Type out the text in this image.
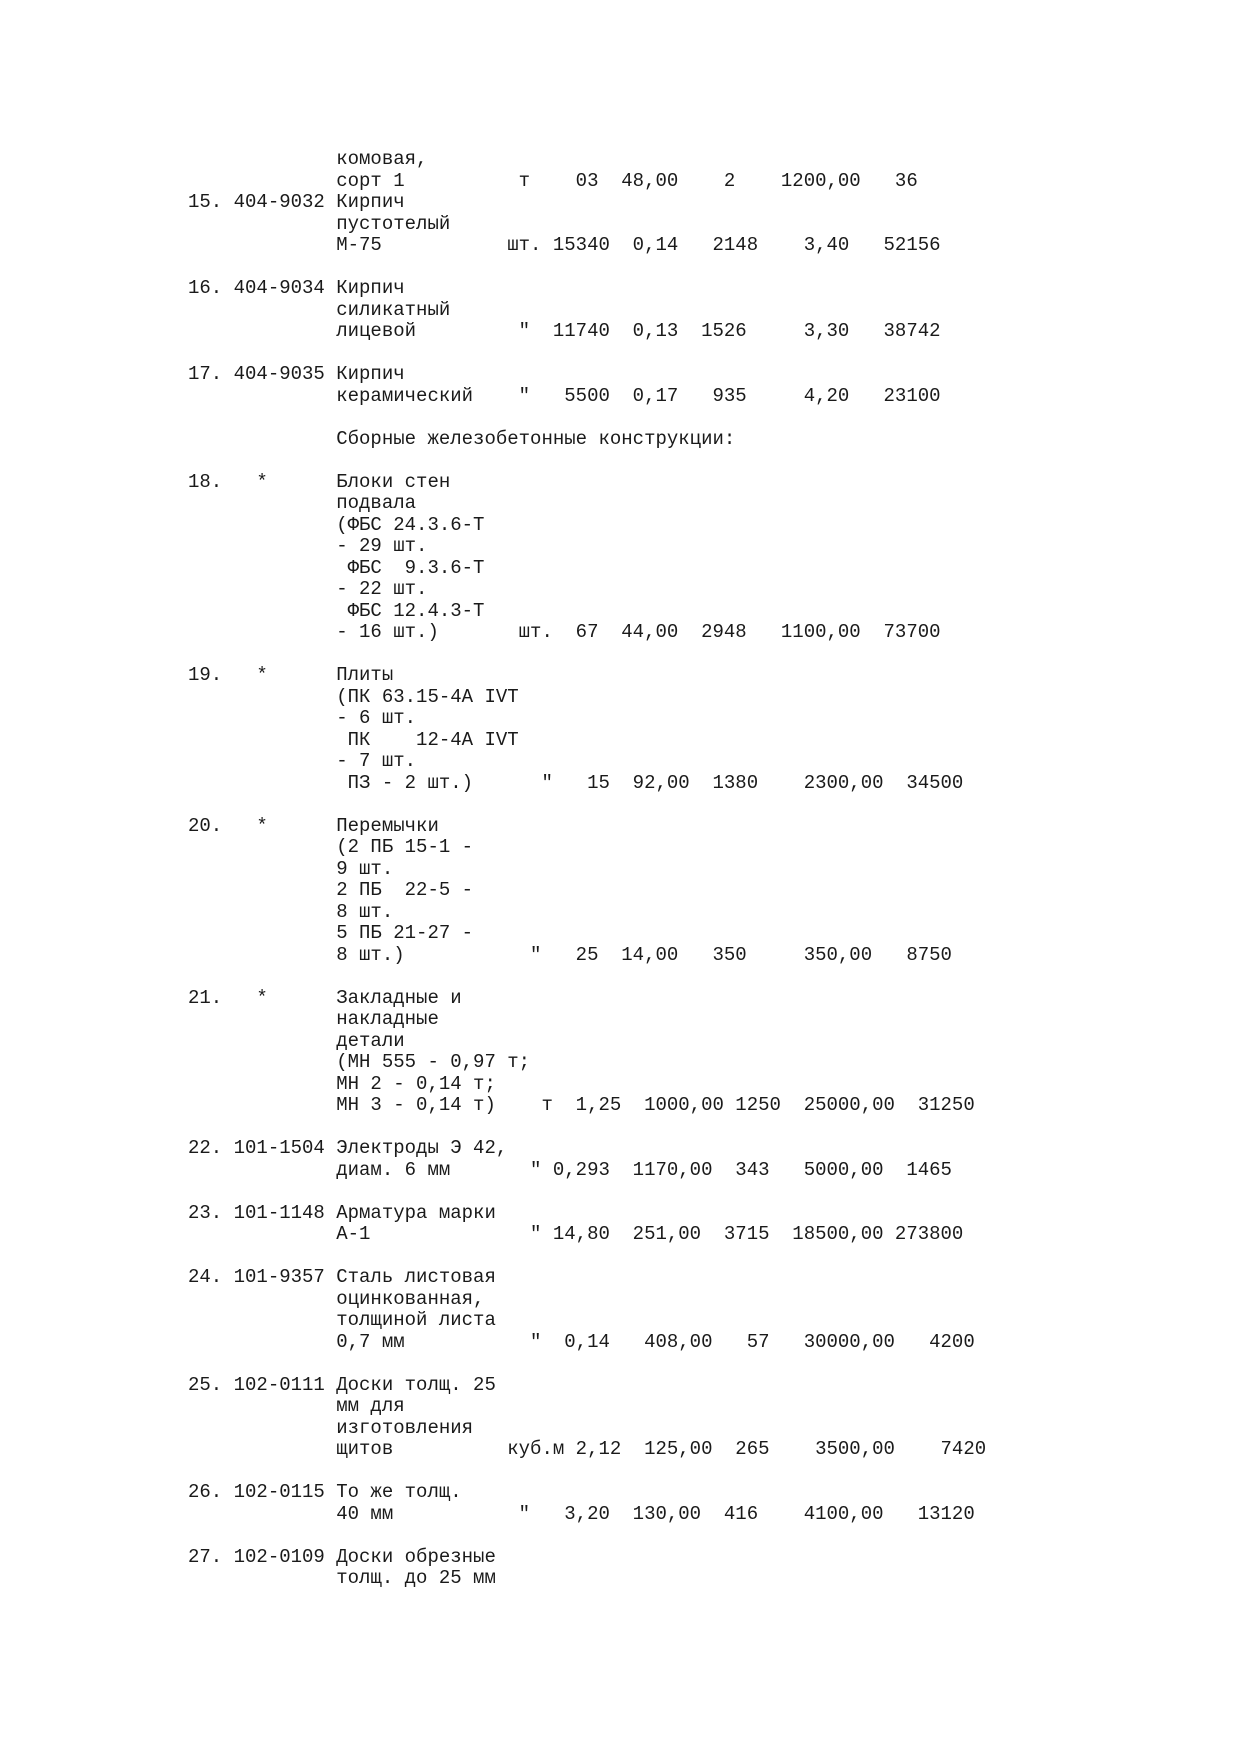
комовая,
сорт 1          т    03  48,00    2    1200,00   36
15. 404-9032 Кирпич
пустотелый
М-75           шт. 15340  0,14   2148    3,40   52156
16. 404-9034 Кирпич
силикатный
лицевой         "  11740  0,13  1526     3,30   38742
17. 404-9035 Кирпич
керамический    "   5500  0,17   935     4,20   23100
Сборные железобетонные конструкции:
18.   *      Блоки стен
подвала
(ФБС 24.3.6-Т
- 29 шт.
ФБС  9.3.6-Т
- 22 шт.
ФБС 12.4.3-Т
- 16 шт.)       шт.  67  44,00  2948   1100,00  73700
19.   *      Плиты
(ПК 63.15-4А IVТ
- 6 шт.
ПК    12-4А IVТ
- 7 шт.
ПЗ - 2 шт.)      "   15  92,00  1380    2300,00  34500
20.   *      Перемычки
(2 ПБ 15-1 -
9 шт.
2 ПБ  22-5 -
8 шт.
5 ПБ 21-27 -
8 шт.)           "   25  14,00   350     350,00   8750
21.   *      Закладные и
накладные
детали
(МН 555 - 0,97 т;
МН 2 - 0,14 т;
МН 3 - 0,14 т)    т  1,25  1000,00 1250  25000,00  31250
22. 101-1504 Электроды Э 42,
диам. 6 мм       " 0,293  1170,00  343   5000,00  1465
23. 101-1148 Арматура марки
А-1              " 14,80  251,00  3715  18500,00 273800
24. 101-9357 Сталь листовая
оцинкованная,
толщиной листа
0,7 мм           "  0,14   408,00   57   30000,00   4200
25. 102-0111 Доски толщ. 25
мм для
изготовления
щитов          куб.м 2,12  125,00  265    3500,00    7420
26. 102-0115 То же толщ.
40 мм           "   3,20  130,00  416    4100,00   13120
27. 102-0109 Доски обрезные
толщ. до 25 мм
